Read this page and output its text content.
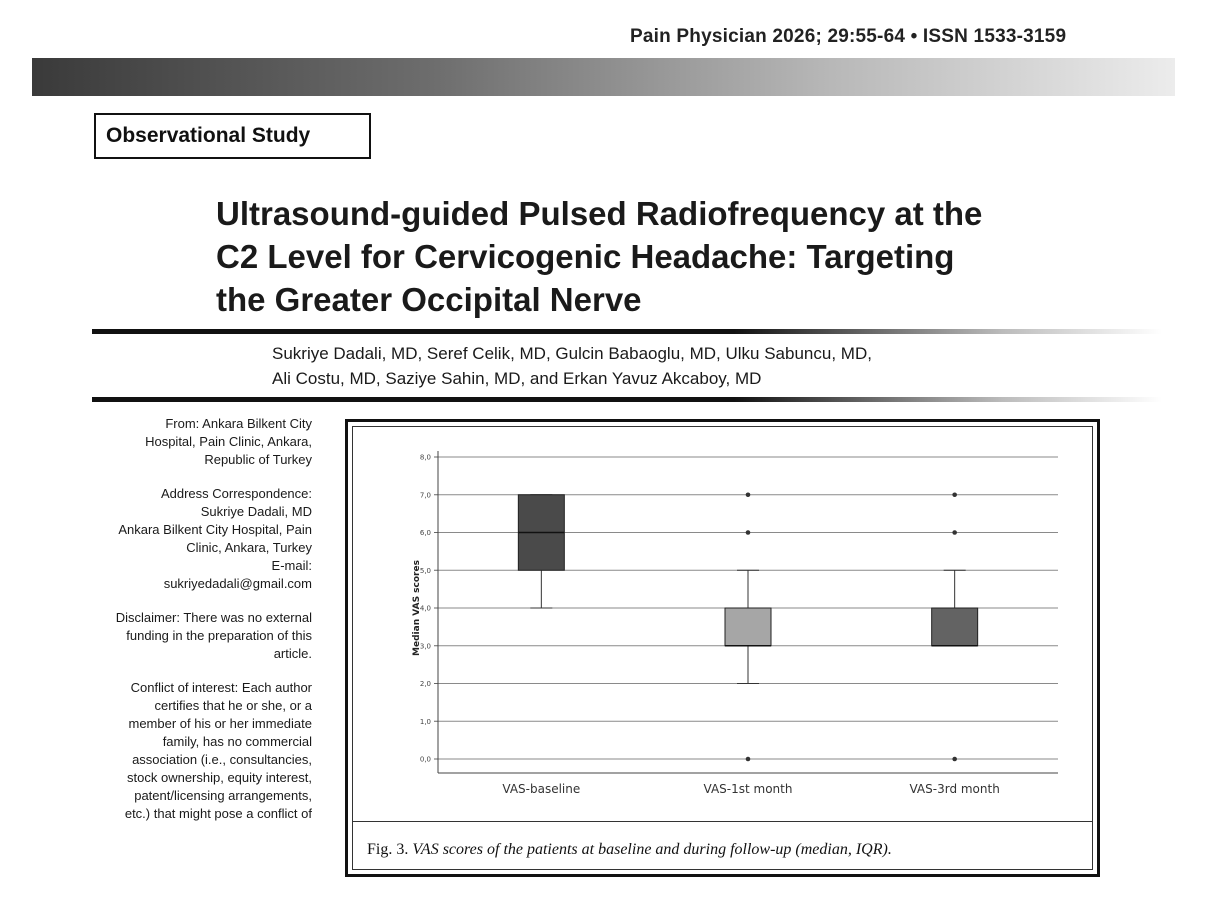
Pain Physician 2026; 29:55-64 • ISSN 1533-3159
Observational Study
Ultrasound-guided Pulsed Radiofrequency at the
C2 Level for Cervicogenic Headache: Targeting
the Greater Occipital Nerve
Sukriye Dadali, MD, Seref Celik, MD, Gulcin Babaoglu, MD, Ulku Sabuncu, MD,
Ali Costu, MD, Saziye Sahin, MD, and Erkan Yavuz Akcaboy, MD

From: Ankara Bilkent City
Hospital, Pain Clinic, Ankara,
Republic of Turkey

Address Correspondence:
Sukriye Dadali, MD
Ankara Bilkent City Hospital, Pain
Clinic, Ankara, Turkey
E-mail:
sukriyedadali@gmail.com

Disclaimer: There was no external
funding in the preparation of this
article.

Conflict of interest: Each author
certifies that he or she, or a
member of his or her immediate
family, has no commercial
association (i.e., consultancies,
stock ownership, equity interest,
patent/licensing arrangements,
etc.) that might pose a conflict of

0,0
1,0
2,0
3,0
4,0
5,0
6,0
7,0
8,0
Median VAS scores
VAS-baseline	VAS-1st month	VAS-3rd month
Fig. 3. VAS scores of the patients at baseline and during follow-up (median, IQR).
